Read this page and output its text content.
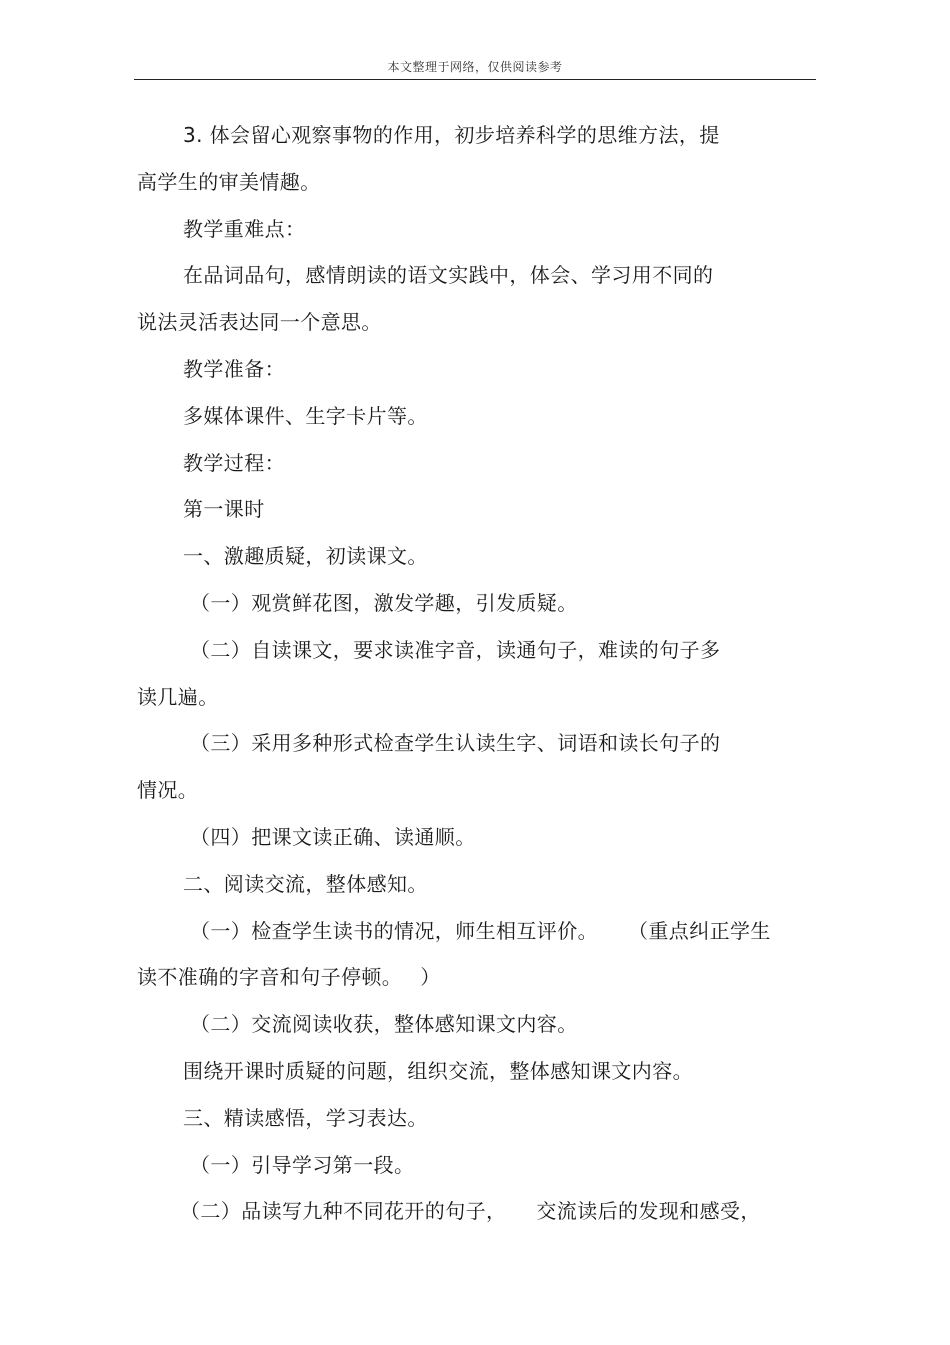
本文整理于网络，仅供阅读参考
3. 体会留心观察事物的作用，初步培养科学的思维方法，提
高学生的审美情趣。
教学重难点：
在品词品句，感情朗读的语文实践中，体会、学习用不同的
说法灵活表达同一个意思。
教学准备：
多媒体课件、生字卡片等。
教学过程：
第一课时
一、激趣质疑，初读课文。
（一）观赏鲜花图，激发学趣，引发质疑。
（二）自读课文，要求读准字音，读通句子，难读的句子多
读几遍。
（三）采用多种形式检查学生认读生字、词语和读长句子的
情况。
（四）把课文读正确、读通顺。
二、阅读交流，整体感知。
（一）检查学生读书的情况，师生相互评价。 （重点纠正学生
读不准确的字音和句子停顿。 ）
（二）交流阅读收获，整体感知课文内容。
围绕开课时质疑的问题，组织交流，整体感知课文内容。
三、精读感悟，学习表达。
（一）引导学习第一段。
（二）品读写九种不同花开的句子， 交流读后的发现和感受，
